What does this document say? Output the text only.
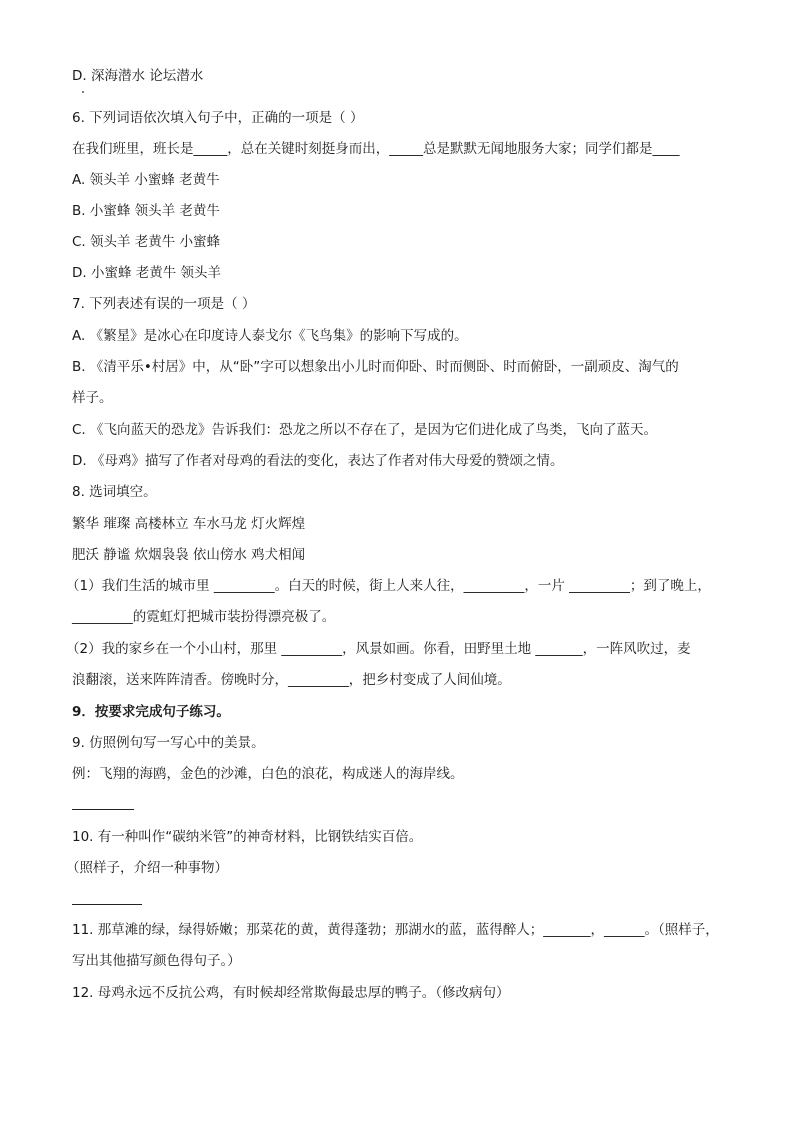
D. 深海潜水 论坛潜水
6. 下列词语依次填入句子中，正确的一项是（ ）
在我们班里，班长是_____，总在关键时刻挺身而出，_____总是默默无闻地服务大家；同学们都是____
A. 领头羊 小蜜蜂 老黄牛
B. 小蜜蜂 领头羊 老黄牛
C. 领头羊 老黄牛 小蜜蜂
D. 小蜜蜂 老黄牛 领头羊
7. 下列表述有误的一项是（ ）
A. 《繁星》是冰心在印度诗人泰戈尔《飞鸟集》的影响下写成的。
B. 《清平乐•村居》中，从“卧”字可以想象出小儿时而仰卧、时而侧卧、时而俯卧，一副顽皮、淘气的
样子。
C. 《飞向蓝天的恐龙》告诉我们：恐龙之所以不存在了，是因为它们进化成了鸟类，飞向了蓝天。
D. 《母鸡》描写了作者对母鸡的看法的变化，表达了作者对伟大母爱的赞颂之情。
8. 选词填空。
繁华 璀璨 高楼林立 车水马龙 灯火辉煌
肥沃 静谧 炊烟袅袅 依山傍水 鸡犬相闻
（1）我们生活的城市里 _________。白天的时候，街上人来人往，_________，一片 _________；到了晚上，
_________的霓虹灯把城市装扮得漂亮极了。
（2）我的家乡在一个小山村，那里 _________，风景如画。你看，田野里土地 _______，一阵风吹过，麦
浪翻滚，送来阵阵清香。傍晚时分，_________，把乡村变成了人间仙境。
9．按要求完成句子练习。
9. 仿照例句写一写心中的美景。
例：飞翔的海鸥，金色的沙滩，白色的浪花，构成迷人的海岸线。
10. 有一种叫作“碳纳米管”的神奇材料，比钢铁结实百倍。
（照样子，介绍一种事物）
11. 那草滩的绿，绿得娇嫩；那菜花的黄，黄得蓬勃；那湖水的蓝，蓝得醉人；_______，______。（照样子，
写出其他描写颜色得句子。）
12. 母鸡永远不反抗公鸡，有时候却经常欺侮最忠厚的鸭子。（修改病句）
